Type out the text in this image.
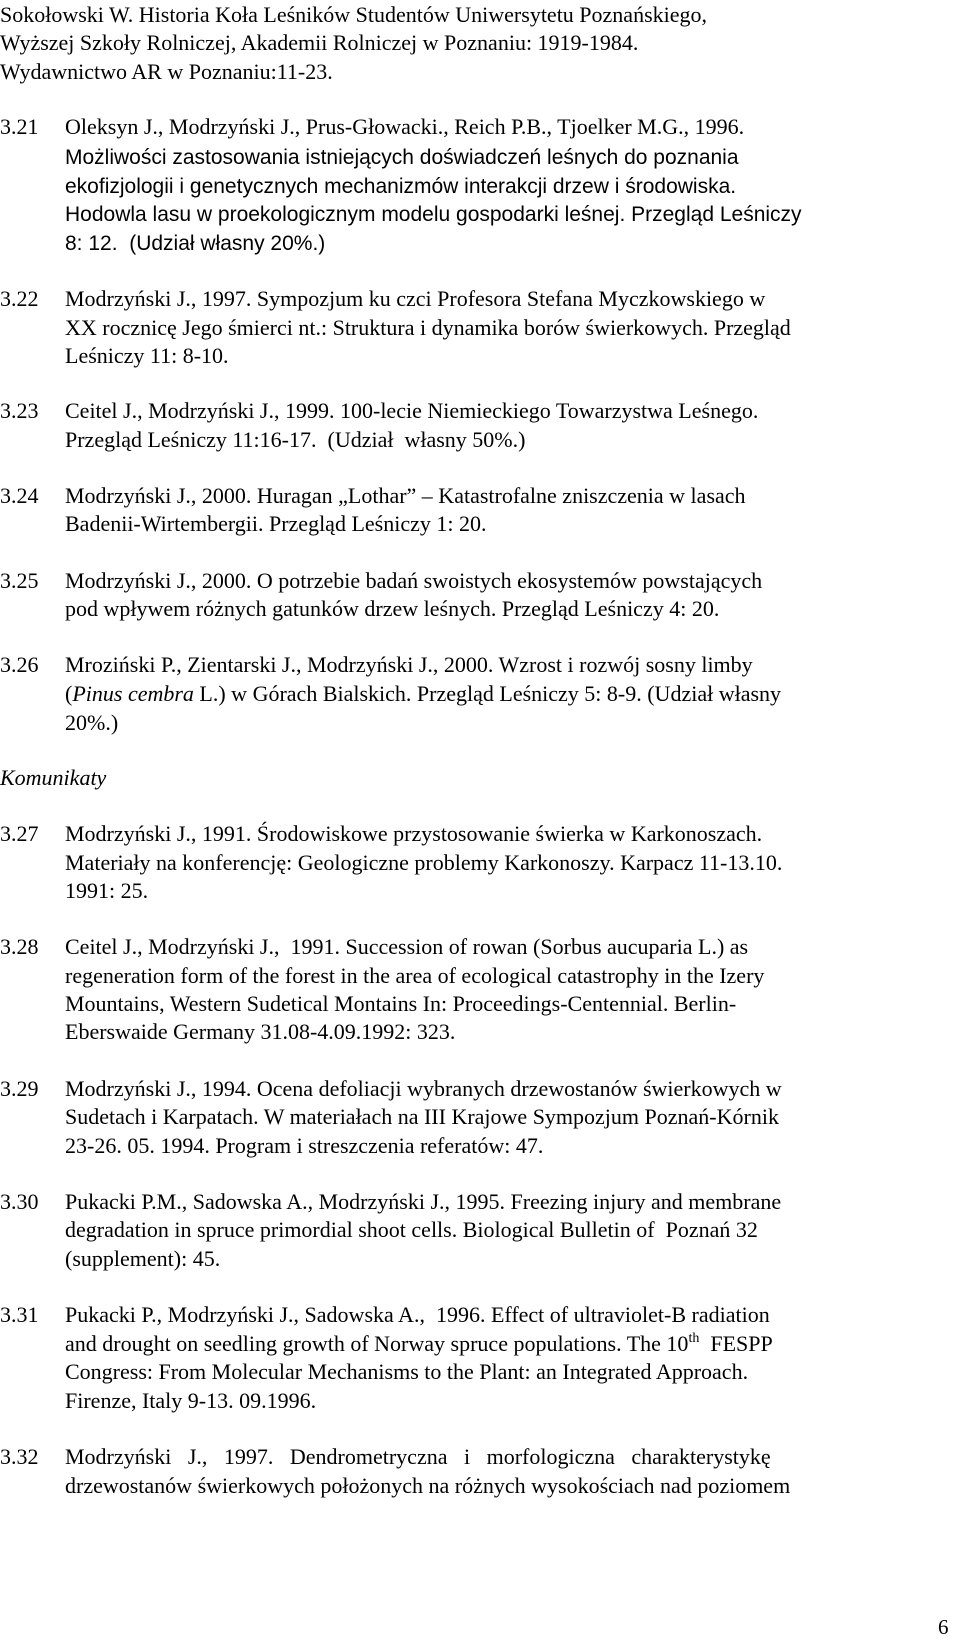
Sokołowski W. Historia Koła Leśników Studentów Uniwersytetu Poznańskiego,
Wyższej Szkoły Rolniczej, Akademii Rolniczej w Poznaniu: 1919-1984.
Wydawnictwo AR w Poznaniu:11-23.
3.21 Oleksyn J., Modrzyński J., Prus-Głowacki., Reich P.B., Tjoelker M.G., 1996.
Możliwości zastosowania istniejących doświadczeń leśnych do poznania
ekofizjologii i genetycznych mechanizmów interakcji drzew i środowiska.
Hodowla lasu w proekologicznym modelu gospodarki leśnej. Przegląd Leśniczy
8: 12.  (Udział własny 20%.)
3.22 Modrzyński J., 1997. Sympozjum ku czci Profesora Stefana Myczkowskiego w
XX rocznicę Jego śmierci nt.: Struktura i dynamika borów świerkowych. Przegląd
Leśniczy 11: 8-10.
3.23 Ceitel J., Modrzyński J., 1999. 100-lecie Niemieckiego Towarzystwa Leśnego.
Przegląd Leśniczy 11:16-17.  (Udział  własny 50%.)
3.24 Modrzyński J., 2000. Huragan „Lothar” – Katastrofalne zniszczenia w lasach
Badenii-Wirtembergii. Przegląd Leśniczy 1: 20.
3.25 Modrzyński J., 2000. O potrzebie badań swoistych ekosystemów powstających
pod wpływem różnych gatunków drzew leśnych. Przegląd Leśniczy 4: 20.
3.26 Mroziński P., Zientarski J., Modrzyński J., 2000. Wzrost i rozwój sosny limby
(Pinus cembra L.) w Górach Bialskich. Przegląd Leśniczy 5: 8-9. (Udział własny
20%.)
Komunikaty
3.27 Modrzyński J., 1991. Środowiskowe przystosowanie świerka w Karkonoszach.
Materiały na konferencję: Geologiczne problemy Karkonoszy. Karpacz 11-13.10.
1991: 25.
3.28 Ceitel J., Modrzyński J.,  1991. Succession of rowan (Sorbus aucuparia L.) as
regeneration form of the forest in the area of ecological catastrophy in the Izery
Mountains, Western Sudetical Montains In: Proceedings-Centennial. Berlin-
Eberswaide Germany 31.08-4.09.1992: 323.
3.29 Modrzyński J., 1994. Ocena defoliacji wybranych drzewostanów świerkowych w
Sudetach i Karpatach. W materiałach na III Krajowe Sympozjum Poznań-Kórnik
23-26. 05. 1994. Program i streszczenia referatów: 47.
3.30 Pukacki P.M., Sadowska A., Modrzyński J., 1995. Freezing injury and membrane
degradation in spruce primordial shoot cells. Biological Bulletin of  Poznań 32
(supplement): 45.
3.31 Pukacki P., Modrzyński J., Sadowska A.,  1996. Effect of ultraviolet-B radiation
and drought on seedling growth of Norway spruce populations. The 10th  FESPP
Congress: From Molecular Mechanisms to the Plant: an Integrated Approach.
Firenze, Italy 9-13. 09.1996.
3.32 Modrzyński   J.,   1997.   Dendrometryczna   i   morfologiczna   charakterystykę
drzewostanów świerkowych położonych na różnych wysokościach nad poziomem
6
